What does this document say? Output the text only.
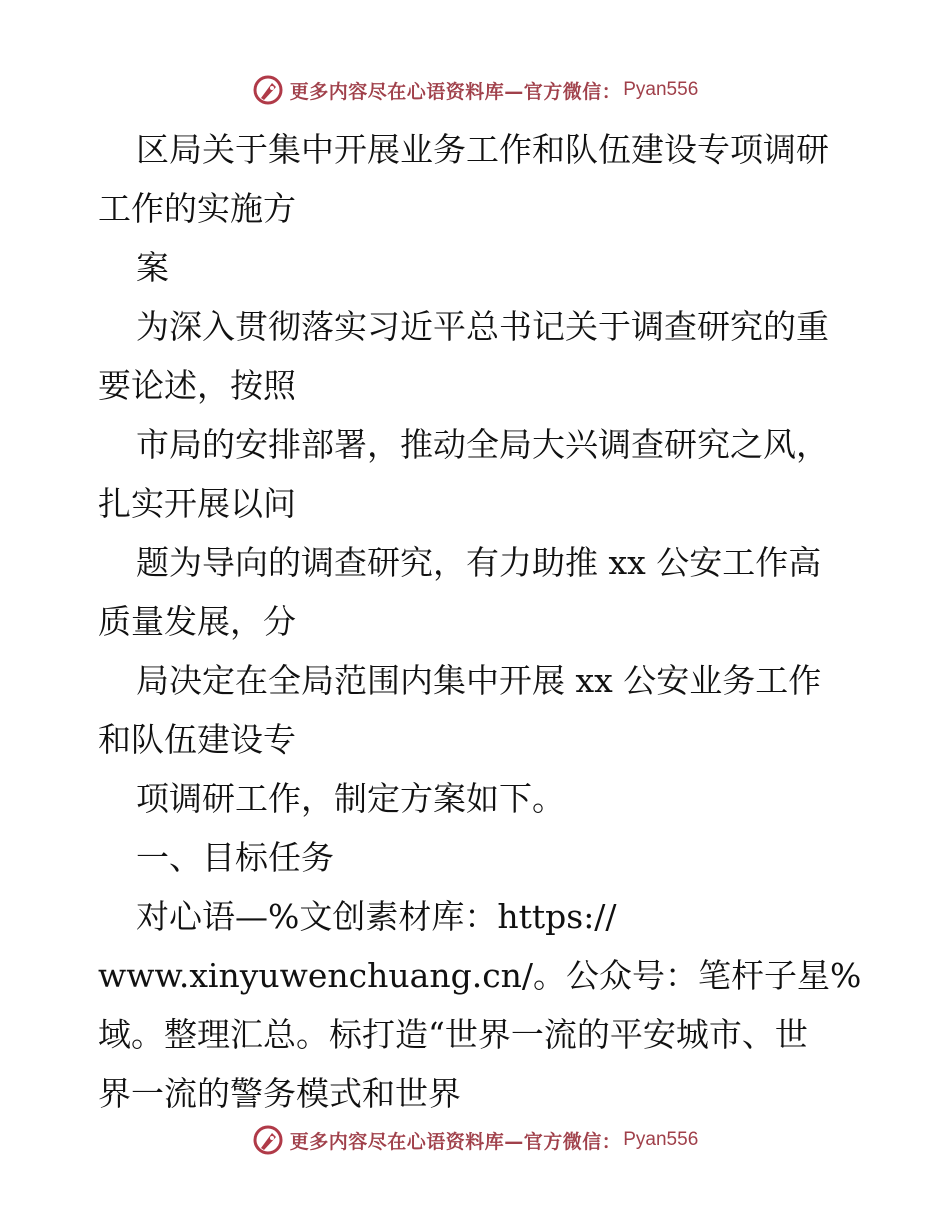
更多内容尽在心语资料库—官方微信： Pyan556

区局关于集中开展业务工作和队伍建设专项调研

工作的实施方

案

为深入贯彻落实习近平总书记关于调查研究的重

要论述，按照

市局的安排部署，推动全局大兴调查研究之风，

扎实开展以问

题为导向的调查研究，有力助推 xx 公安工作高

质量发展，分

局决定在全局范围内集中开展 xx 公安业务工作

和队伍建设专

项调研工作，制定方案如下。

一、目标任务

对心语—%文创素材库：https://

www.xinyuwenchuang.cn/。公众号：笔杆子星%

域。整理汇总。标打造“世界一流的平安城市、世

界一流的警务模式和世界

更多内容尽在心语资料库—官方微信： Pyan556
